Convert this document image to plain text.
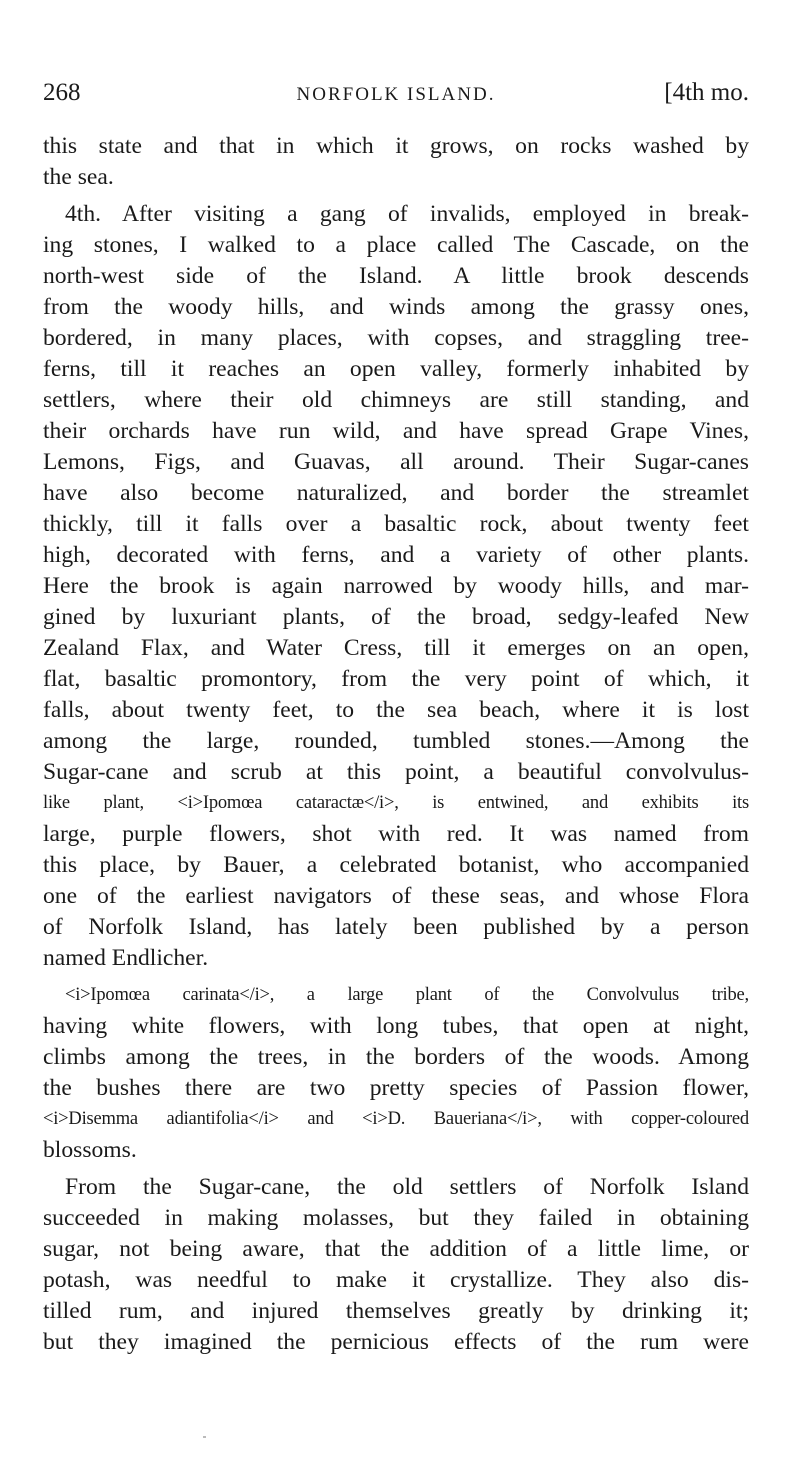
268	NORFOLK ISLAND.	[4th mo.
this state and that in which it grows, on rocks washed by
the sea.
4th. After visiting a gang of invalids, employed in break-
ing stones, I walked to a place called The Cascade, on the
north-west side of the Island. A little brook descends
from the woody hills, and winds among the grassy ones,
bordered, in many places, with copses, and straggling tree-
ferns, till it reaches an open valley, formerly inhabited by
settlers, where their old chimneys are still standing, and
their orchards have run wild, and have spread Grape Vines,
Lemons, Figs, and Guavas, all around. Their Sugar-canes
have also become naturalized, and border the streamlet
thickly, till it falls over a basaltic rock, about twenty feet
high, decorated with ferns, and a variety of other plants.
Here the brook is again narrowed by woody hills, and mar-
gined by luxuriant plants, of the broad, sedgy-leafed New
Zealand Flax, and Water Cress, till it emerges on an open,
flat, basaltic promontory, from the very point of which, it
falls, about twenty feet, to the sea beach, where it is lost
among the large, rounded, tumbled stones.—Among the
Sugar-cane and scrub at this point, a beautiful convolvulus-
like plant, <i>Ipomœa cataractæ</i>, is entwined, and exhibits its
large, purple flowers, shot with red. It was named from
this place, by Bauer, a celebrated botanist, who accompanied
one of the earliest navigators of these seas, and whose Flora
of Norfolk Island, has lately been published by a person
named Endlicher.
<i>Ipomœa carinata</i>, a large plant of the Convolvulus tribe,
having white flowers, with long tubes, that open at night,
climbs among the trees, in the borders of the woods. Among
the bushes there are two pretty species of Passion flower,
<i>Disemma adiantifolia</i> and <i>D. Baueriana</i>, with copper-coloured
blossoms.
From the Sugar-cane, the old settlers of Norfolk Island
succeeded in making molasses, but they failed in obtaining
sugar, not being aware, that the addition of a little lime, or
potash, was needful to make it crystallize. They also dis-
tilled rum, and injured themselves greatly by drinking it;
but they imagined the pernicious effects of the rum were
